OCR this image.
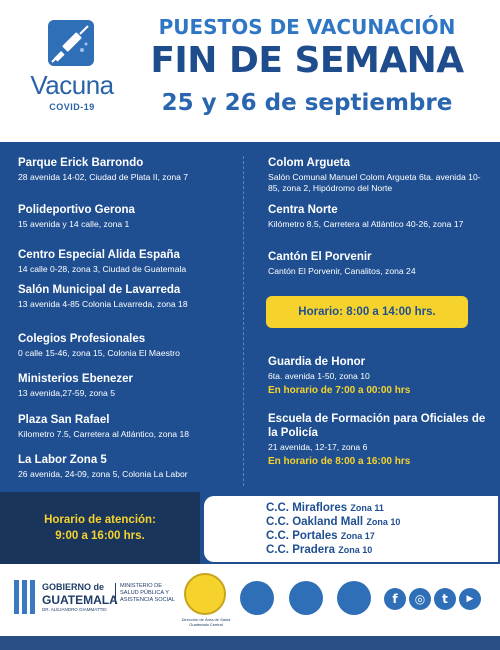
Vacuna
COVID-19
PUESTOS DE VACUNACIÓN
FIN DE SEMANA
25 y 26 de septiembre
Parque Erick Barrondo
28 avenida 14-02, Ciudad de Plata II, zona 7
Polideportivo Gerona
15 avenida y 14 calle, zona 1
Centro Especial Alida España
14 calle 0-28, zona 3, Ciudad de Guatemala
Salón Municipal de Lavarreda
13 avenida 4-85 Colonia Lavarreda, zona 18
Colegios Profesionales
0 calle 15-46, zona 15, Colonia El Maestro
Ministerios Ebenezer
13 avenida,27-59, zona 5
Plaza San Rafael
Kilometro 7.5, Carretera al Atlántico, zona 18
La Labor Zona 5
26 avenida, 24-09, zona 5, Colonia La Labor
Colom Argueta
Salón Comunal Manuel Colom Argueta 6ta. avenida 10-85, zona 2, Hipódromo del Norte
Centra Norte
Kilómetro 8.5, Carretera al Atlántico 40-26, zona 17
Cantón El Porvenir
Cantón El Porvenir, Canalitos, zona 24
Horario: 8:00 a 14:00 hrs.
Guardia de Honor
6ta. avenida 1-50, zona 10
En horario de 7:00 a 00:00 hrs
Escuela de Formación para Oficiales de la Policía
21 avenida, 12-17, zona 6
En horario de 8:00 a 16:00 hrs
Horario de atención:
9:00 a 16:00 hrs.
C.C. Miraflores Zona 11
C.C. Oakland Mall Zona 10
C.C. Portales Zona 17
C.C. Pradera Zona 10
GOBIERNO de
GUATEMALA
DR. ALEJANDRO GIAMMATTEI
MINISTERIO DE SALUD PÚBLICA Y ASISTENCIA SOCIAL
Dirección de Área de Salud Guatemala Central
f	◎	t	▶
